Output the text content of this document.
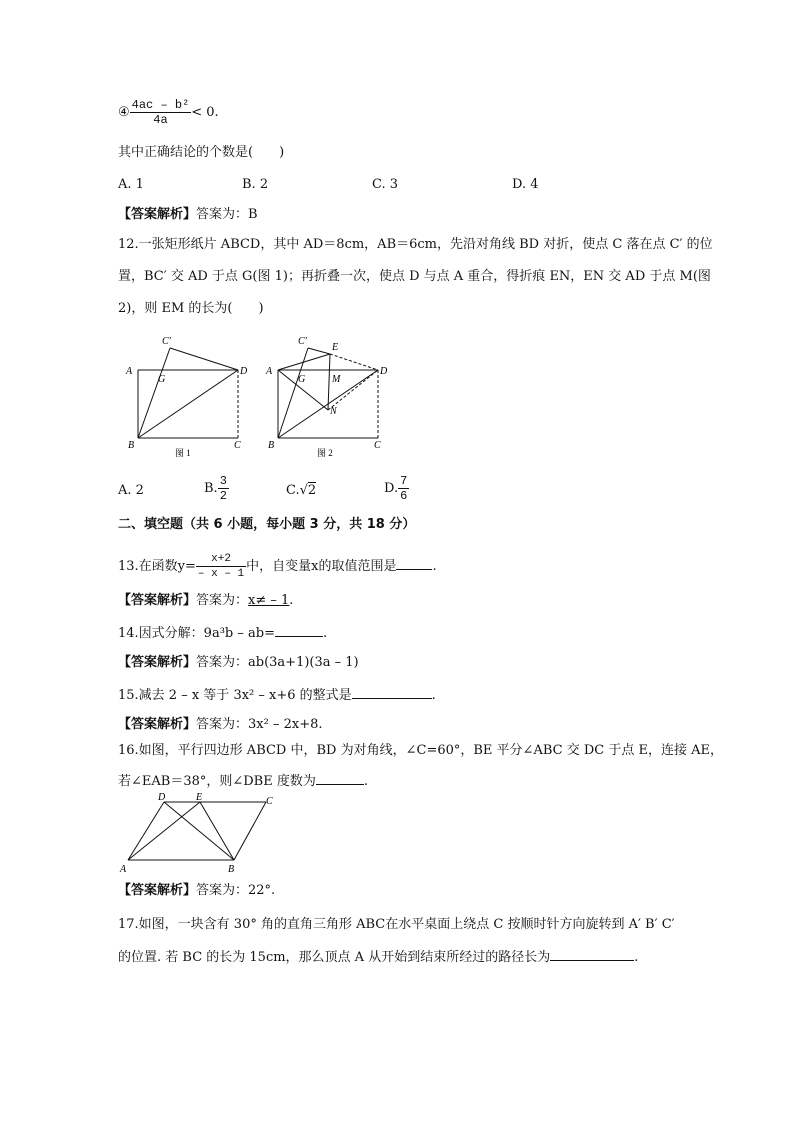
④ $\frac{\text{4ac – b²}}{4a} < 0$.
其中正确结论的个数是(　　)
A. 1	B. 2	C. 3	D. 4
【答案解析】答案为：B
12.一张矩形纸片 ABCD，其中 AD＝8cm，AB＝6cm，先沿对角线 BD 对折，使点 C 落在点 C′ 的位
置，BC′ 交 AD 于点 G(图 1)；再折叠一次，使点 D 与点 A 重合，得折痕 EN，EN 交 AD 于点 M(图
2)，则 EM 的长为(　　)
C′
A
G
D
B	C
图 1
C′
E
A
G	M
N
D
B	C
图 2
A. 2	B. $\frac{3}{2}$	C.√2	D. $\frac{7}{6}$
二、填空题（共 6 小题，每小题 3 分，共 18 分）
13.在函数$y= \frac{x+2}{- x - 1}$ 中，自变量x的取值范围是	.
【答案解析】答案为：x≠ – 1.
14.因式分解：9a³b – ab=	.
【答案解析】答案为：ab(3a+1)(3a – 1)
15.减去 2 – x 等于 3x² – x+6 的整式是	.
【答案解析】答案为：3x² – 2x+8.
16.如图，平行四边形 ABCD 中，BD 为对角线，∠C=60°，BE 平分∠ABC 交 DC 于点 E，连接 AE，
若∠EAB＝38°，则∠DBE 度数为	.
D	E	C
A	B
【答案解析】答案为：22°.
17.如图，一块含有 30° 角的直角三角形 ABC在水平桌面上绕点 C 按顺时针方向旋转到 A′ B′ C′
的位置. 若 BC 的长为 15cm，那么顶点 A 从开始到结束所经过的路径长为	.
